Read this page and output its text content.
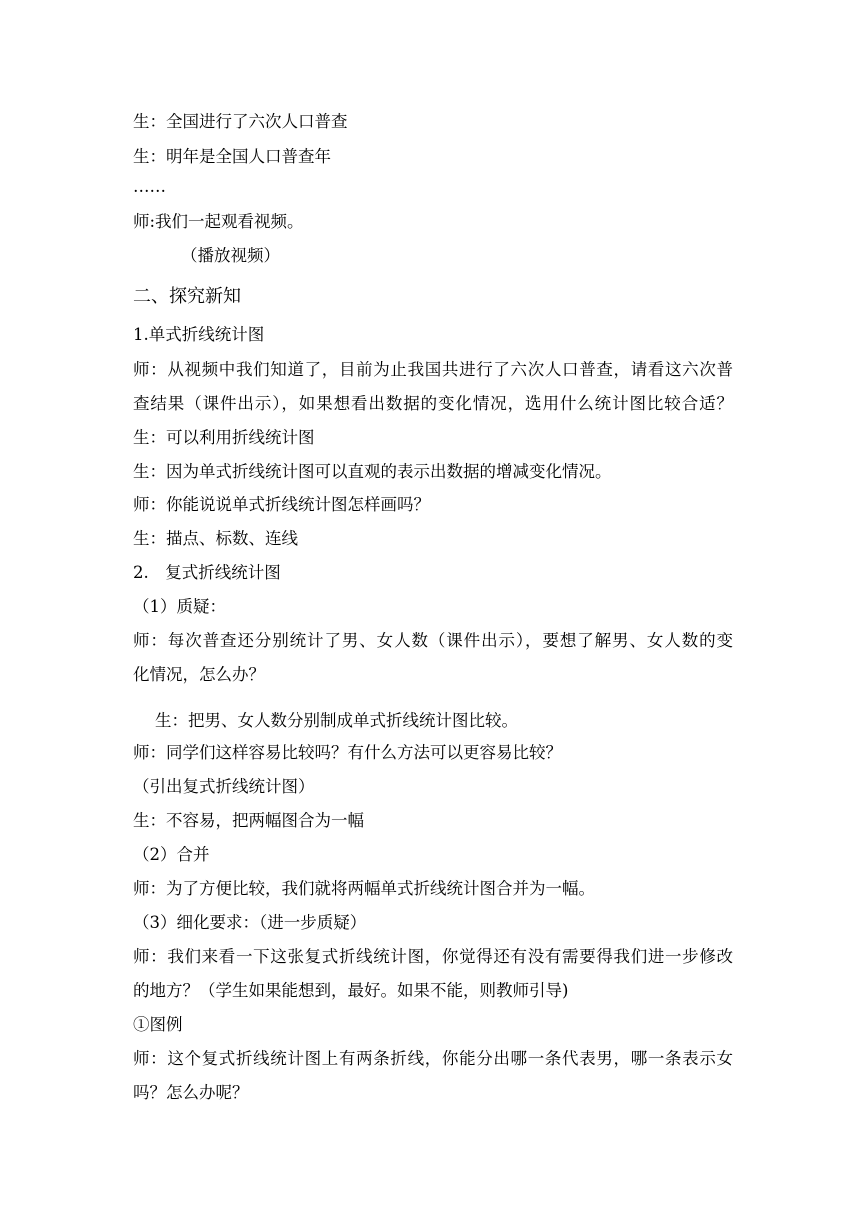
生：全国进行了六次人口普查

生：明年是全国人口普查年

……

师:我们一起观看视频。

（播放视频）

二、探究新知

1.单式折线统计图

师：从视频中我们知道了，目前为止我国共进行了六次人口普查，请看这六次普

查结果（课件出示），如果想看出数据的变化情况，选用什么统计图比较合适？

生：可以利用折线统计图

生：因为单式折线统计图可以直观的表示出数据的增减变化情况。

师：你能说说单式折线统计图怎样画吗？

生：描点、标数、连线

2.　复式折线统计图

（1）质疑：

师：每次普查还分别统计了男、女人数（课件出示），要想了解男、女人数的变

化情况，怎么办？

生：把男、女人数分别制成单式折线统计图比较。

师：同学们这样容易比较吗？有什么方法可以更容易比较？

（引出复式折线统计图）

生：不容易，把两幅图合为一幅

（2）合并

师：为了方便比较，我们就将两幅单式折线统计图合并为一幅。

（3）细化要求：（进一步质疑）

师：我们来看一下这张复式折线统计图，你觉得还有没有需要得我们进一步修改

的地方？（学生如果能想到，最好。如果不能，则教师引导)

①图例

师：这个复式折线统计图上有两条折线，你能分出哪一条代表男，哪一条表示女

吗？怎么办呢？
